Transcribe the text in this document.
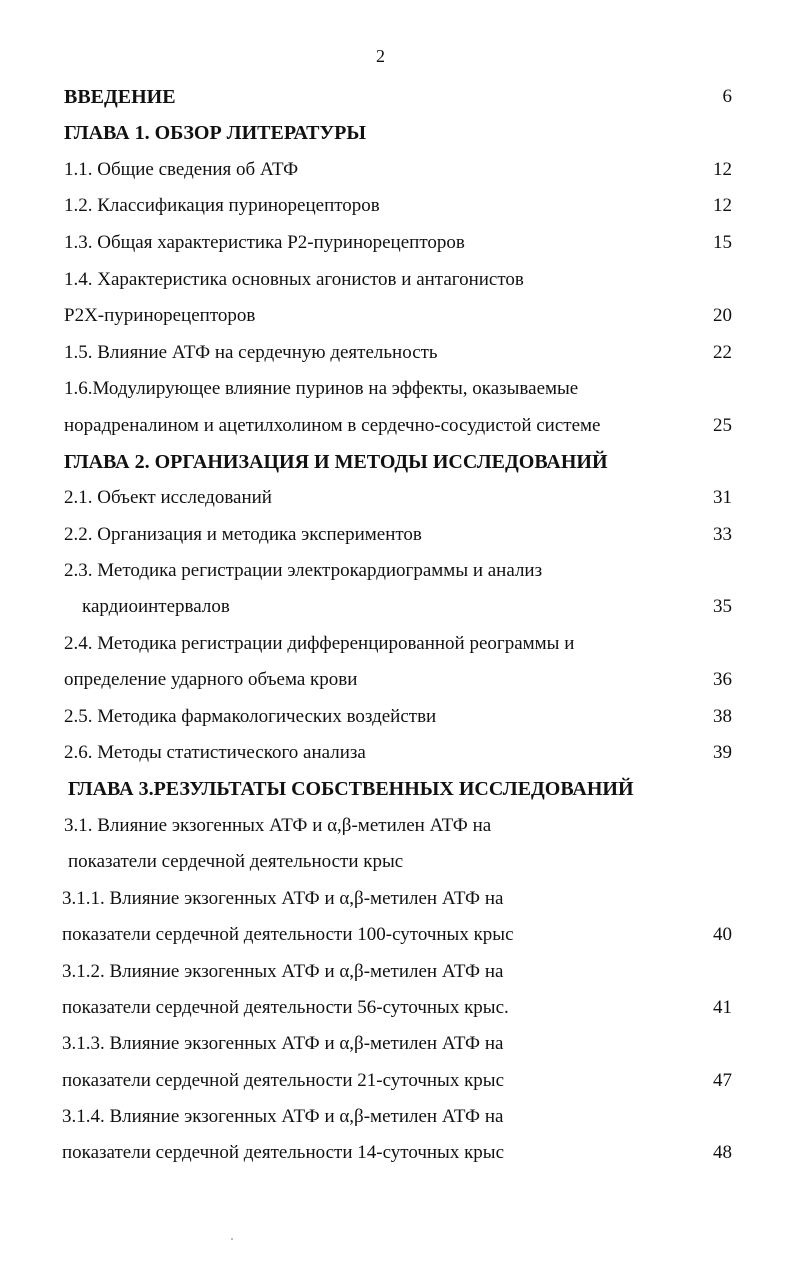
2
ВВЕДЕНИЕ	6
ГЛАВА 1. ОБЗОР ЛИТЕРАТУРЫ
1.1. Общие сведения об АТФ	12
1.2. Классификация пуринорецепторов	12
1.3. Общая характеристика Р2-пуринорецепторов	15
1.4. Характеристика основных агонистов и антагонистов
Р2Х-пуринорецепторов	20
1.5. Влияние АТФ на сердечную деятельность	22
1.6.Модулирующее влияние пуринов на эффекты, оказываемые
норадреналином и ацетилхолином в сердечно-сосудистой системе	25
ГЛАВА 2. ОРГАНИЗАЦИЯ И МЕТОДЫ ИССЛЕДОВАНИЙ
2.1. Объект исследований	31
2.2. Организация и методика экспериментов	33
2.3. Методика регистрации электрокардиограммы и анализ
кардиоинтервалов	35
2.4. Методика регистрации дифференцированной реограммы и
определение ударного объема крови	36
2.5. Методика фармакологических воздействи	38
2.6. Методы статистического анализа	39
ГЛАВА 3.РЕЗУЛЬТАТЫ СОБСТВЕННЫХ ИССЛЕДОВАНИЙ
3.1. Влияние экзогенных АТФ и α,β-метилен АТФ на
показатели сердечной деятельности крыс
3.1.1. Влияние экзогенных АТФ и α,β-метилен АТФ на
показатели сердечной деятельности 100-суточных крыс	40
3.1.2. Влияние экзогенных АТФ и α,β-метилен АТФ на
показатели сердечной деятельности 56-суточных крыс.	41
3.1.3. Влияние экзогенных АТФ и α,β-метилен АТФ на
показатели сердечной деятельности 21-суточных крыс	47
3.1.4. Влияние экзогенных АТФ и α,β-метилен АТФ на
показатели сердечной деятельности 14-суточных крыс	48
